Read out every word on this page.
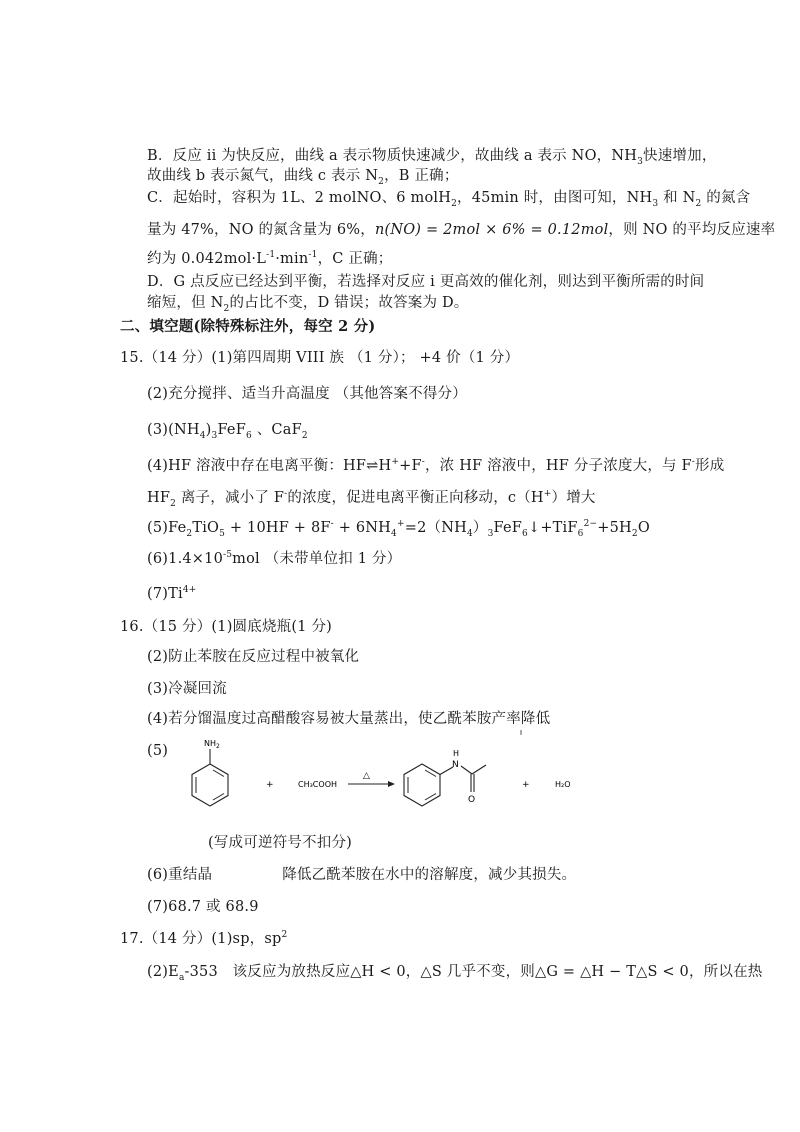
B．反应 ii 为快反应，曲线 a 表示物质快速减少，故曲线 a 表示 NO，$NH_3$快速增加，
故曲线 b 表示氮气，曲线 c 表示 $N_2$，B 正确；
C．起始时，容积为 1L、2 molNO、6 molH$_2$，45min 时，由图可知，$NH_3$ 和 $N_2$ 的氮含
量为 47%，NO 的氮含量为 6%，n(NO) = 2mol × 6% = 0.12mol，则 NO 的平均反应速率
约为 $0.042mol\cdot L^{-1}\cdot\min^{-1}$，C 正确；
D．G 点反应已经达到平衡，若选择对反应 i 更高效的催化剂，则达到平衡所需的时间
缩短，但 $N_2$的占比不变，D 错误；故答案为 D。
二、填空题(除特殊标注外，每空 2 分)
15.（14 分）(1)第四周期 VIII 族 （1 分）； +4 价（1 分）
(2)充分搅拌、适当升高温度 （其他答案不得分）
$(3)(NH_4)_3FeF_6$ 、CaF$_2$
(4)HF 溶液中存在电离平衡：HF⇌H++F-，浓 HF 溶液中，HF 分子浓度大，与 F-形成
$HF_2$ 离子，减小了 F-的浓度，促进电离平衡正向移动，c（H+）增大
$(5)Fe_2TiO_5 + 10HF + 8F^-$ + $6NH_4^+=2(NH_4)_3FeF_6↓+TiF_6^{2-}+5H_2O$
$(6)1.4\times 10^{-5}mol$ （未带单位扣 1 分）
$(7)Ti^{4+}$
16.（15 分）(1)圆底烧瓶(1 分)
(2)防止苯胺在反应过程中被氧化
(3)冷凝回流
(4)若分馏温度过高醋酸容易被大量蒸出，使乙酰苯胺产率降低
(5)	$NH_2$
+	CH₃COOH
△
H
N
O
+	H₂O
(写成可逆符号不扣分)
(6)重结晶	降低乙酰苯胺在水中的溶解度，减少其损失。
(7)68.7 或 68.9
17.（14 分）(1)sp，$sp^2$
$(2)E_a-353$　该反应为放热反应△H < 0，△S 几乎不变，则△G = △H − T△S < 0，所以在热
